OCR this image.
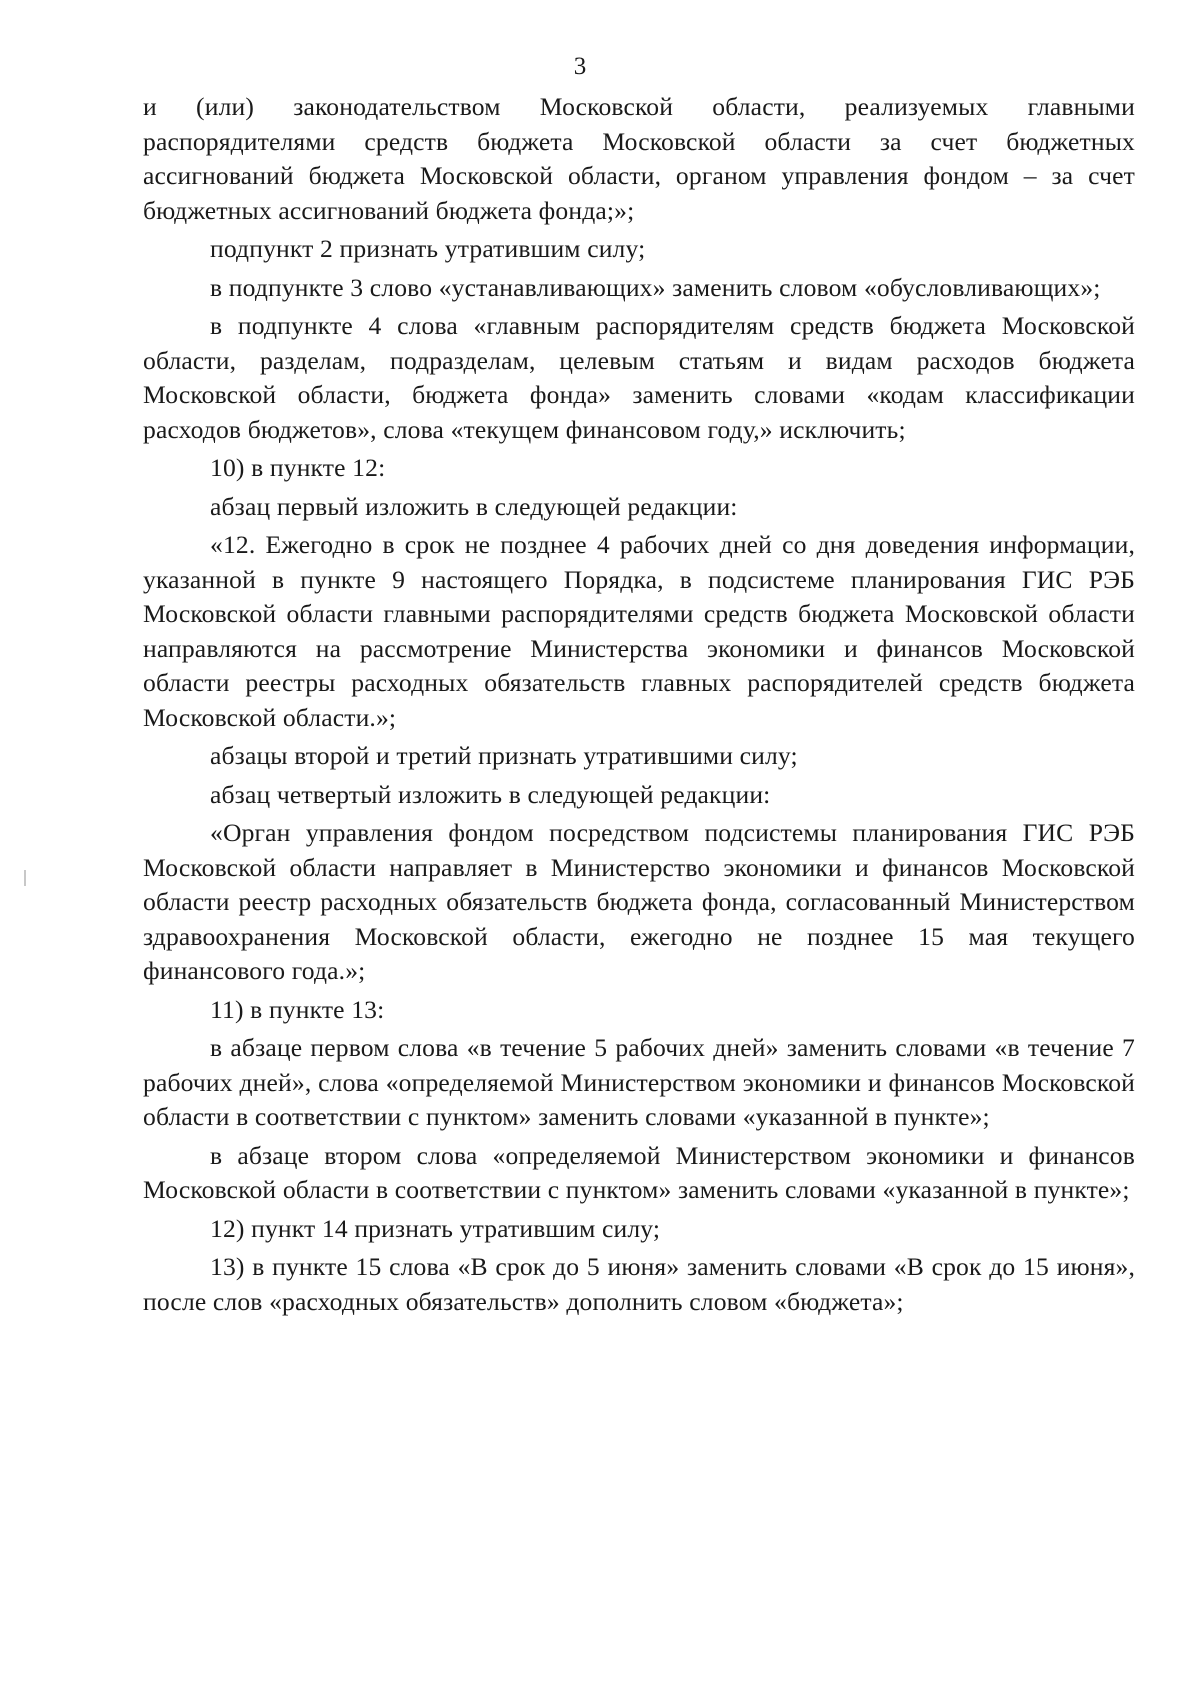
3

и (или) законодательством Московской области, реализуемых главными распорядителями средств бюджета Московской области за счет бюджетных ассигнований бюджета Московской области, органом управления фондом – за счет бюджетных ассигнований бюджета фонда;»;

подпункт 2 признать утратившим силу;

в подпункте 3 слово «устанавливающих» заменить словом «обусловливающих»;

в подпункте 4 слова «главным распорядителям средств бюджета Московской области, разделам, подразделам, целевым статьям и видам расходов бюджета Московской области, бюджета фонда» заменить словами «кодам классификации расходов бюджетов», слова «текущем финансовом году,» исключить;

10) в пункте 12:

абзац первый изложить в следующей редакции:

«12. Ежегодно в срок не позднее 4 рабочих дней со дня доведения информации, указанной в пункте 9 настоящего Порядка, в подсистеме планирования ГИС РЭБ Московской области главными распорядителями средств бюджета Московской области направляются на рассмотрение Министерства экономики и финансов Московской области реестры расходных обязательств главных распорядителей средств бюджета Московской области.»;

абзацы второй и третий признать утратившими силу;

абзац четвертый изложить в следующей редакции:

«Орган управления фондом посредством подсистемы планирования ГИС РЭБ Московской области направляет в Министерство экономики и финансов Московской области реестр расходных обязательств бюджета фонда, согласованный Министерством здравоохранения Московской области, ежегодно не позднее 15 мая текущего финансового года.»;

11) в пункте 13:

в абзаце первом слова «в течение 5 рабочих дней» заменить словами «в течение 7 рабочих дней», слова «определяемой Министерством экономики и финансов Московской области в соответствии с пунктом» заменить словами «указанной в пункте»;

в абзаце втором слова «определяемой Министерством экономики и финансов Московской области в соответствии с пунктом» заменить словами «указанной в пункте»;

12) пункт 14 признать утратившим силу;

13) в пункте 15 слова «В срок до 5 июня» заменить словами «В срок до 15 июня», после слов «расходных обязательств» дополнить словом «бюджета»;
